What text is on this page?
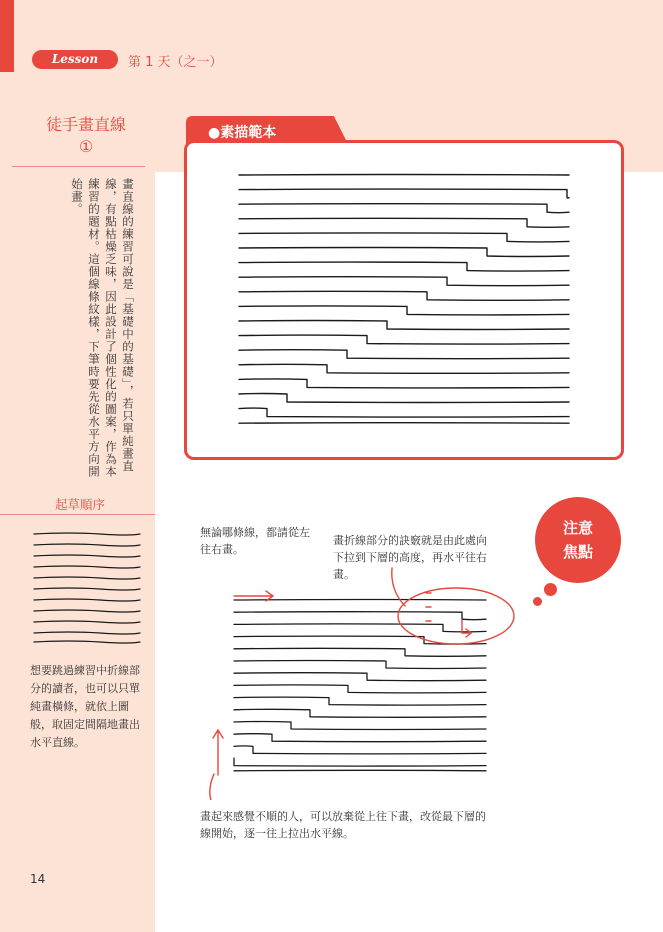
Lesson	第 1 天（之一）
徒手畫直線
①
畫直線的練習可說是「基礎中的基礎」，若只單純畫直線，有點枯燥乏味，因此設計了個性化的圖案，作為本練習的題材。這個線條紋樣，下筆時要先從水平方向開始畫。
起草順序
想要跳過練習中折線部分的讀者，也可以只單純畫橫條，就依上圖般，取固定間隔地畫出水平直線。
14
●素描範本
注意
焦點
無論哪條線，都請從左往右畫。
畫折線部分的訣竅就是由此處向下拉到下層的高度，再水平往右畫。
畫起來感覺不順的人，可以放棄從上往下畫，改從最下層的線開始，逐一往上拉出水平線。
